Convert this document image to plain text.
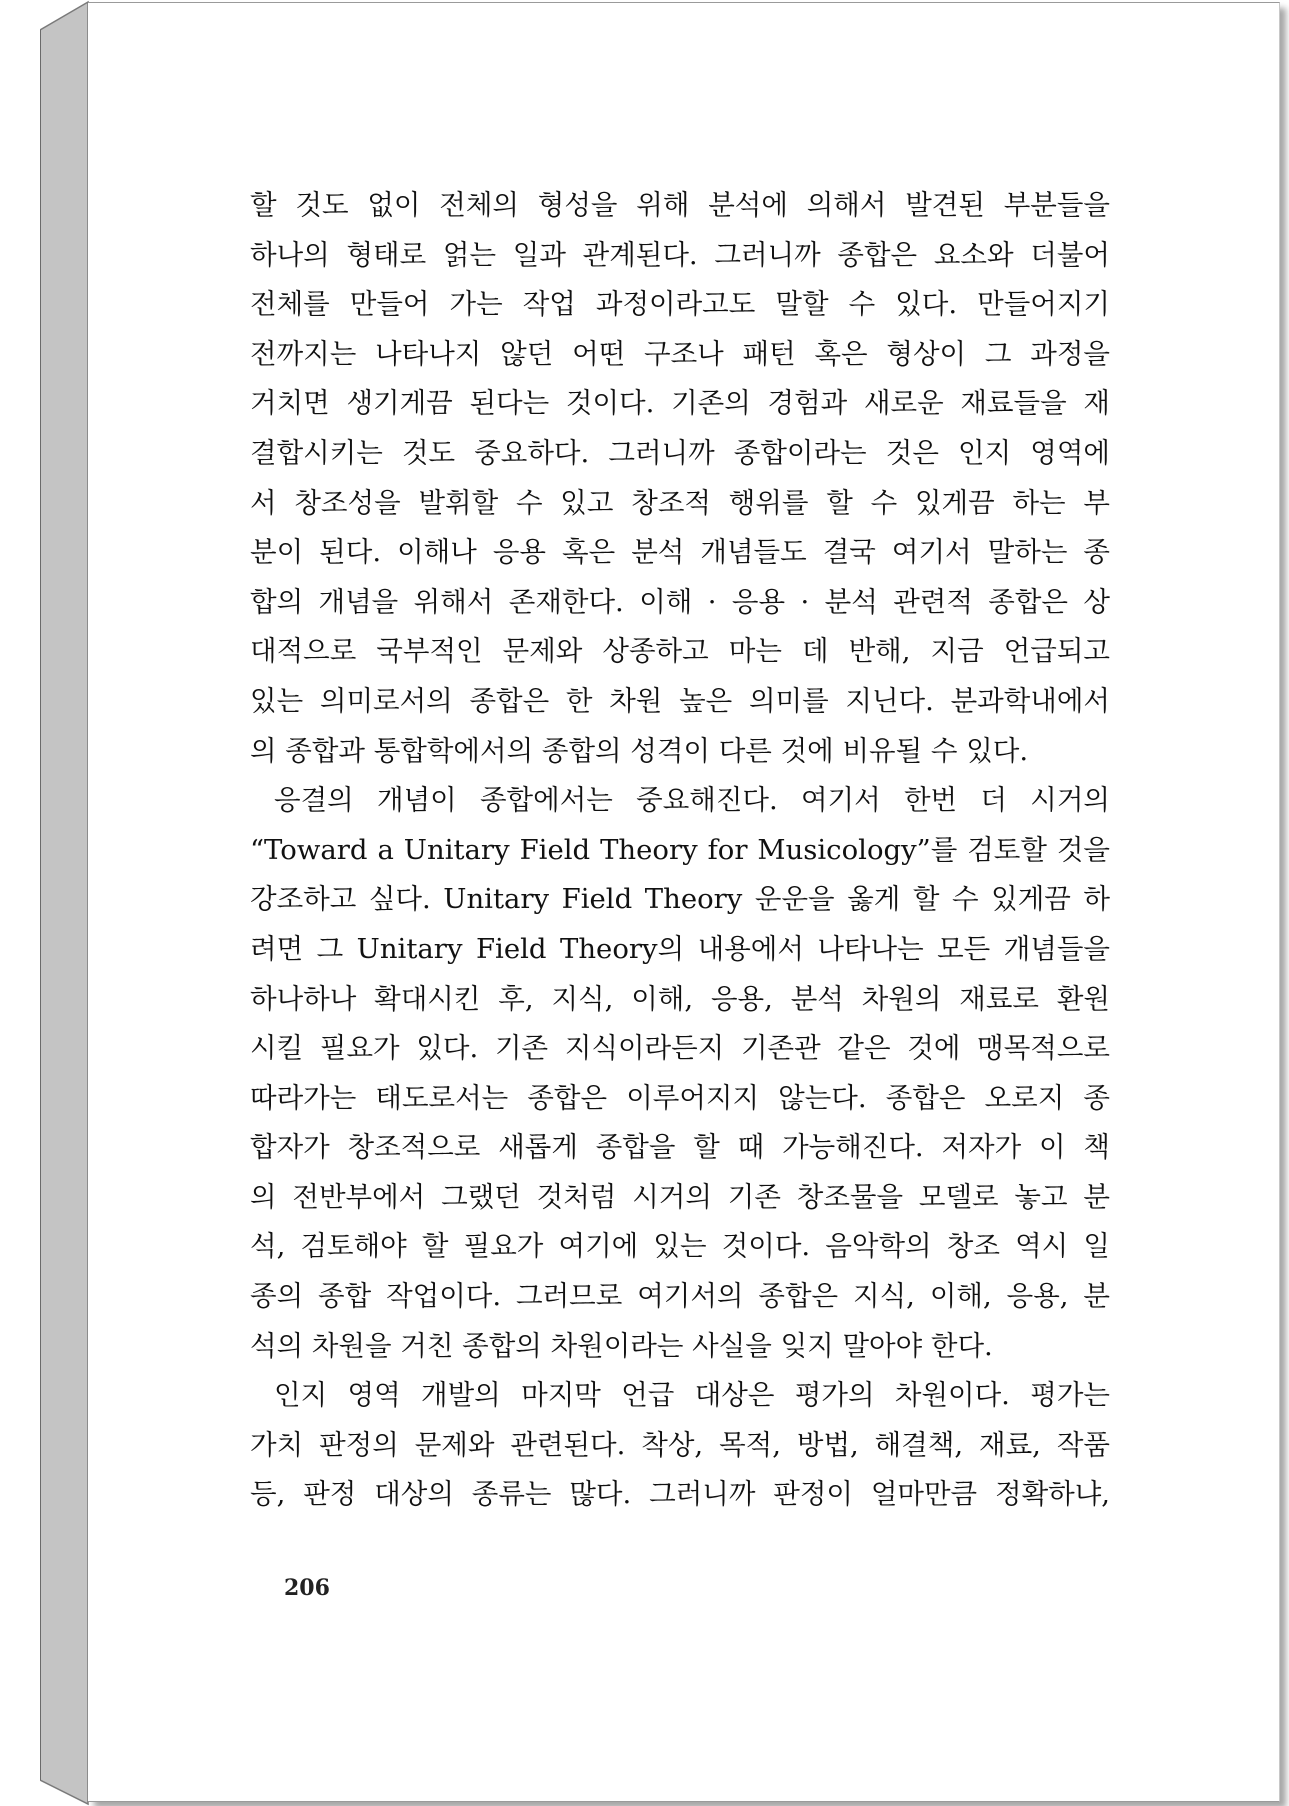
할 것도 없이 전체의 형성을 위해 분석에 의해서 발견된 부분들을
하나의 형태로 얽는 일과 관계된다. 그러니까 종합은 요소와 더불어
전체를 만들어 가는 작업 과정이라고도 말할 수 있다. 만들어지기
전까지는 나타나지 않던 어떤 구조나 패턴 혹은 형상이 그 과정을
거치면 생기게끔 된다는 것이다. 기존의 경험과 새로운 재료들을 재
결합시키는 것도 중요하다. 그러니까 종합이라는 것은 인지 영역에
서 창조성을 발휘할 수 있고 창조적 행위를 할 수 있게끔 하는 부
분이 된다. 이해나 응용 혹은 분석 개념들도 결국 여기서 말하는 종
합의 개념을 위해서 존재한다. 이해 · 응용 · 분석 관련적 종합은 상
대적으로 국부적인 문제와 상종하고 마는 데 반해, 지금 언급되고
있는 의미로서의 종합은 한 차원 높은 의미를 지닌다. 분과학내에서
의 종합과 통합학에서의 종합의 성격이 다른 것에 비유될 수 있다.
응결의 개념이 종합에서는 중요해진다. 여기서 한번 더 시거의
“Toward a Unitary Field Theory for Musicology”를 검토할 것을
강조하고 싶다. Unitary Field Theory 운운을 옳게 할 수 있게끔 하
려면 그 Unitary Field Theory의 내용에서 나타나는 모든 개념들을
하나하나 확대시킨 후, 지식, 이해, 응용, 분석 차원의 재료로 환원
시킬 필요가 있다. 기존 지식이라든지 기존관 같은 것에 맹목적으로
따라가는 태도로서는 종합은 이루어지지 않는다. 종합은 오로지 종
합자가 창조적으로 새롭게 종합을 할 때 가능해진다. 저자가 이 책
의 전반부에서 그랬던 것처럼 시거의 기존 창조물을 모델로 놓고 분
석, 검토해야 할 필요가 여기에 있는 것이다. 음악학의 창조 역시 일
종의 종합 작업이다. 그러므로 여기서의 종합은 지식, 이해, 응용, 분
석의 차원을 거친 종합의 차원이라는 사실을 잊지 말아야 한다.
인지 영역 개발의 마지막 언급 대상은 평가의 차원이다. 평가는
가치 판정의 문제와 관련된다. 착상, 목적, 방법, 해결책, 재료, 작품
등, 판정 대상의 종류는 많다. 그러니까 판정이 얼마만큼 정확하냐,
206
